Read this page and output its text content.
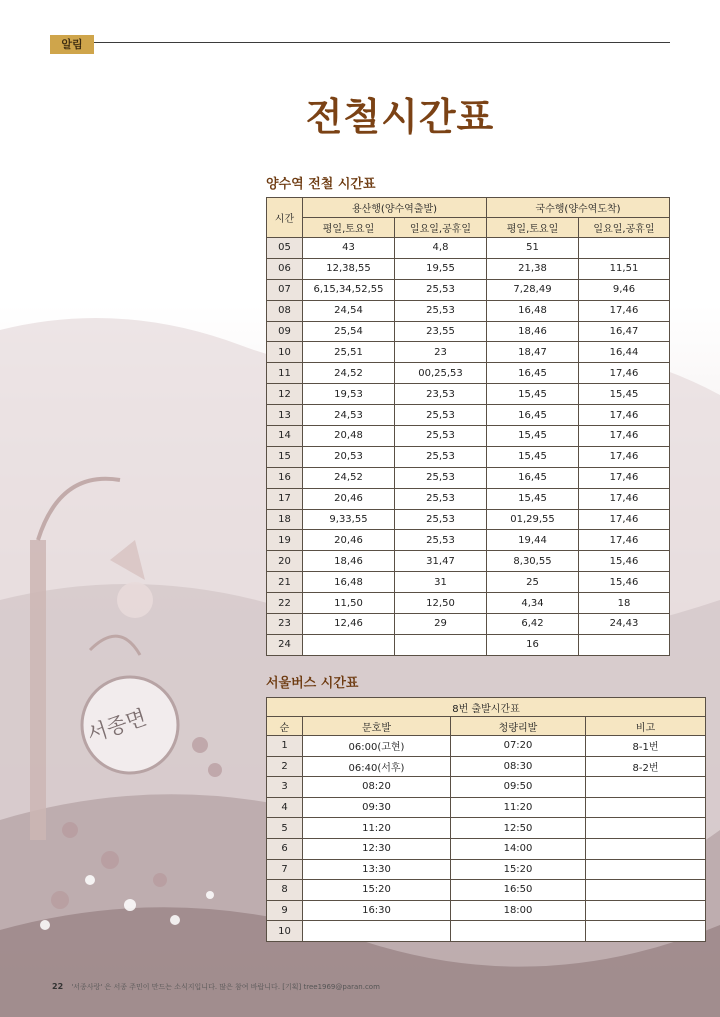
서종면
알림
전철시간표
양수역 전철 시간표
시간	용산행(양수역출발)		국수행(양수역도착)	
	평일,토요일	일요일,공휴일	평일,토요일	일요일,공휴일
05	43	4,8	51	
06	12,38,55	19,55	21,38	11,51
07	6,15,34,52,55	25,53	7,28,49	9,46
08	24,54	25,53	16,48	17,46
09	25,54	23,55	18,46	16,47
10	25,51	23	18,47	16,44
11	24,52	00,25,53	16,45	17,46
12	19,53	23,53	15,45	15,45
13	24,53	25,53	16,45	17,46
14	20,48	25,53	15,45	17,46
15	20,53	25,53	15,45	17,46
16	24,52	25,53	16,45	17,46
17	20,46	25,53	15,45	17,46
18	9,33,55	25,53	01,29,55	17,46
19	20,46	25,53	19,44	17,46
20	18,46	31,47	8,30,55	15,46
21	16,48	31	25	15,46
22	11,50	12,50	4,34	18
23	12,46	29	6,42	24,43
24			16	
서울버스 시간표
8번 출발시간표			
순	문호발	청량리발	비고
1	06:00(고현)	07:20	8-1번
2	06:40(서후)	08:30	8-2번
3	08:20	09:50	
4	09:30	11:20	
5	11:20	12:50	
6	12:30	14:00	
7	13:30	15:20	
8	15:20	16:50	
9	16:30	18:00	
10			
22 '서종사랑' 은 서종 주민이 만드는 소식지입니다. 많은 참여 바랍니다. [기획] tree1969@paran.com
